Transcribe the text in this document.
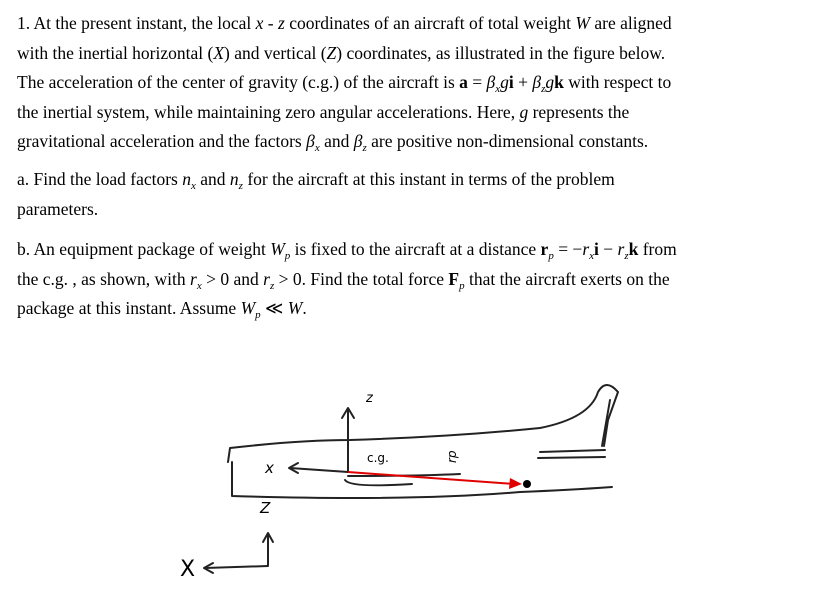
1. At the present instant, the local x - z coordinates of an aircraft of total weight W are aligned
with the inertial horizontal (X) and vertical (Z) coordinates, as illustrated in the figure below.
The acceleration of the center of gravity (c.g.) of the aircraft is $a = \beta_xgi + \beta_zgk$ with respect to
the inertial system, while maintaining zero angular accelerations. Here, g represents the
gravitational acceleration and the factors $\beta_x$ and $\beta_z$ are positive non-dimensional constants.
a. Find the load factors $n_x$ and $n_z$ for the aircraft at this instant in terms of the problem
parameters.
b. An equipment package of weight $W_p$ is fixed to the aircraft at a distance $r_p = -r_xi - r_zk$ from
the c.g. , as shown, with $r_x > 0$ and $r_z > 0$. Find the total force $F_p$ that the aircraft exerts on the
package at this instant. Assume $W_p$ ≪ W.
z
x
c.g.	rp
Z
X
